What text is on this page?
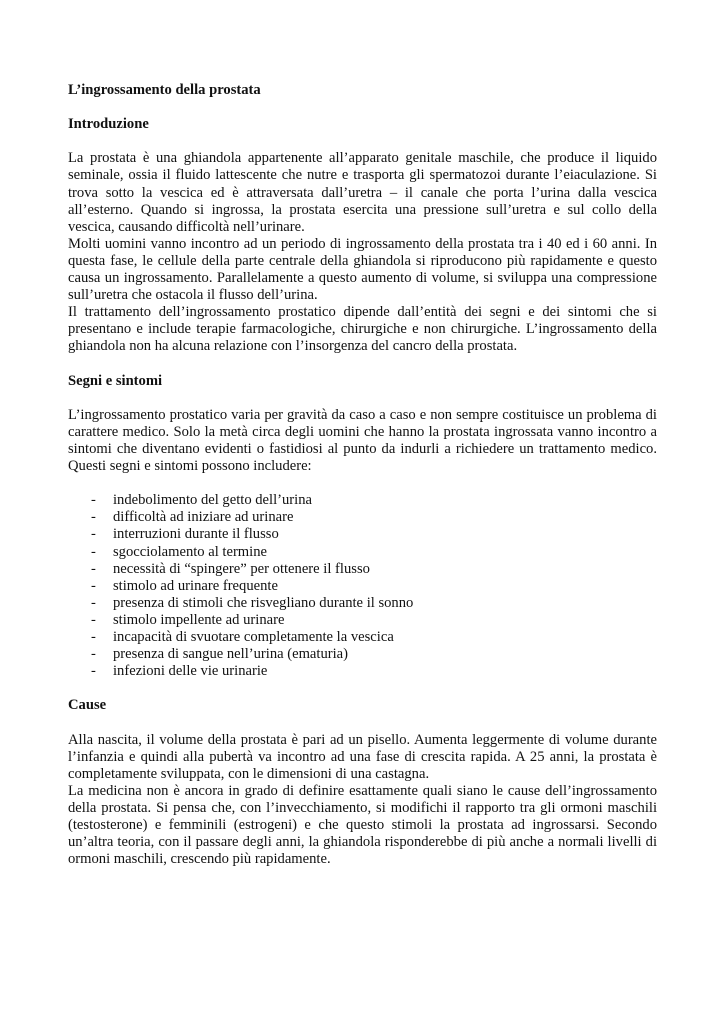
L’ingrossamento della prostata
Introduzione

La prostata è una ghiandola appartenente all’apparato genitale maschile, che produce il liquido seminale, ossia il fluido lattescente che nutre e trasporta gli spermatozoi durante l’eiaculazione. Si trova sotto la vescica ed è attraversata dall’uretra – il canale che porta l’urina dalla vescica all’esterno. Quando si ingrossa, la prostata esercita una pressione sull’uretra e sul collo della vescica, causando difficoltà nell’urinare.

Molti uomini vanno incontro ad un periodo di ingrossamento della prostata tra i 40 ed i 60 anni. In questa fase, le cellule della parte centrale della ghiandola si riproducono più rapidamente e questo causa un ingrossamento. Parallelamente a questo aumento di volume, si sviluppa una compressione sull’uretra che ostacola il flusso dell’urina.

Il trattamento dell’ingrossamento prostatico dipende dall’entità dei segni e dei sintomi che si presentano e include terapie farmacologiche, chirurgiche e non chirurgiche. L’ingrossamento della ghiandola non ha alcuna relazione con l’insorgenza del cancro della prostata.

Segni e sintomi

L’ingrossamento prostatico varia per gravità da caso a caso e non sempre costituisce un problema di carattere medico. Solo la metà circa degli uomini che hanno la prostata ingrossata vanno incontro a sintomi che diventano evidenti o fastidiosi al punto da indurli a richiedere un trattamento medico. Questi segni e sintomi possono includere:

- indebolimento del getto dell’urina
- difficoltà ad iniziare ad urinare
- interruzioni durante il flusso
- sgocciolamento al termine
- necessità di “spingere” per ottenere il flusso
- stimolo ad urinare frequente
- presenza di stimoli che risvegliano durante il sonno
- stimolo impellente ad urinare
- incapacità di svuotare completamente la vescica
- presenza di sangue nell’urina (ematuria)
- infezioni delle vie urinarie
Cause

Alla nascita, il volume della prostata è pari ad un pisello. Aumenta leggermente di volume durante l’infanzia e quindi alla pubertà va incontro ad una fase di crescita rapida. A 25 anni, la prostata è completamente sviluppata, con le dimensioni di una castagna.

La medicina non è ancora in grado di definire esattamente quali siano le cause dell’ingrossamento della prostata. Si pensa che, con l’invecchiamento, si modifichi il rapporto tra gli ormoni maschili (testosterone) e femminili (estrogeni) e che questo stimoli la prostata ad ingrossarsi. Secondo un’altra teoria, con il passare degli anni, la ghiandola risponderebbe di più anche a normali livelli di ormoni maschili, crescendo più rapidamente.
